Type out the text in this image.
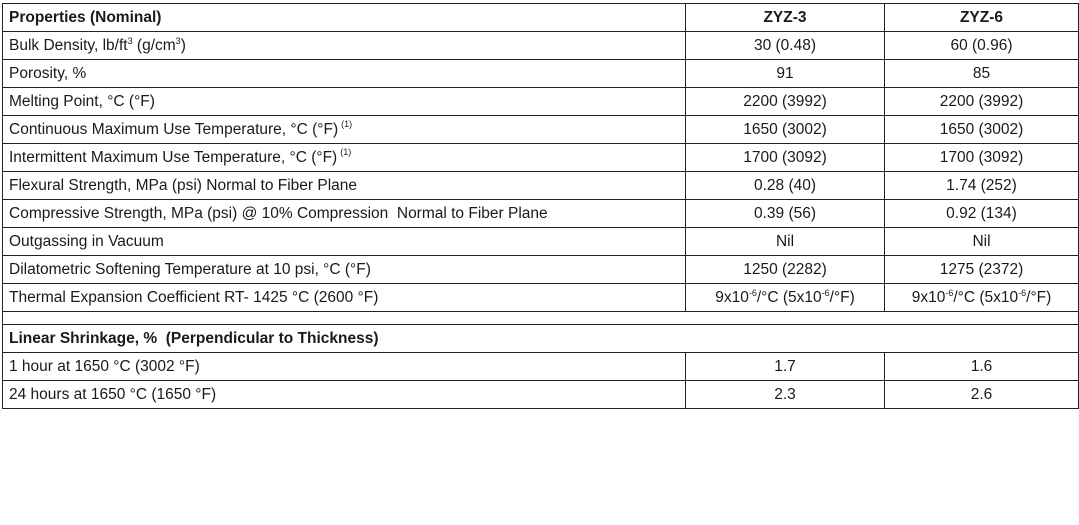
Properties (Nominal)	ZYZ-3	ZYZ-6
Bulk Density, $lb/ft^3$ $(g/cm^3)$	30 (0.48)	60 (0.96)
Porosity, %	91	85
Melting Point, °C (°F)	2200 (3992)	2200 (3992)
Continuous Maximum Use Temperature, °C (°F) $^{(1)}$	1650 (3002)	1650 (3002)
Intermittent Maximum Use Temperature, °C (°F) $^{(1)}$	1700 (3092)	1700 (3092)
Flexural Strength, MPa (psi) Normal to Fiber Plane	0.28 (40)	1.74 (252)
Compressive Strength, MPa (psi) @ 10% Compression  Normal to Fiber Plane	0.39 (56)	0.92 (134)
Outgassing in Vacuum	Nil	Nil
Dilatometric Softening Temperature at 10 psi, °C (°F)	1250 (2282)	1275 (2372)
Thermal Expansion Coefficient RT- 1425 °C (2600 °F)	$9x10^{-6}/^\circ C$ $(5x10^{-6}/^\circ F)$	$9x10^{-6}/^\circ C$ $(5x10^{-6}/^\circ F)$

Linear Shrinkage, %  (Perpendicular to Thickness)		
1 hour at 1650 °C (3002 °F)	1.7	1.6
24 hours at 1650 °C (1650 °F)	2.3	2.6
